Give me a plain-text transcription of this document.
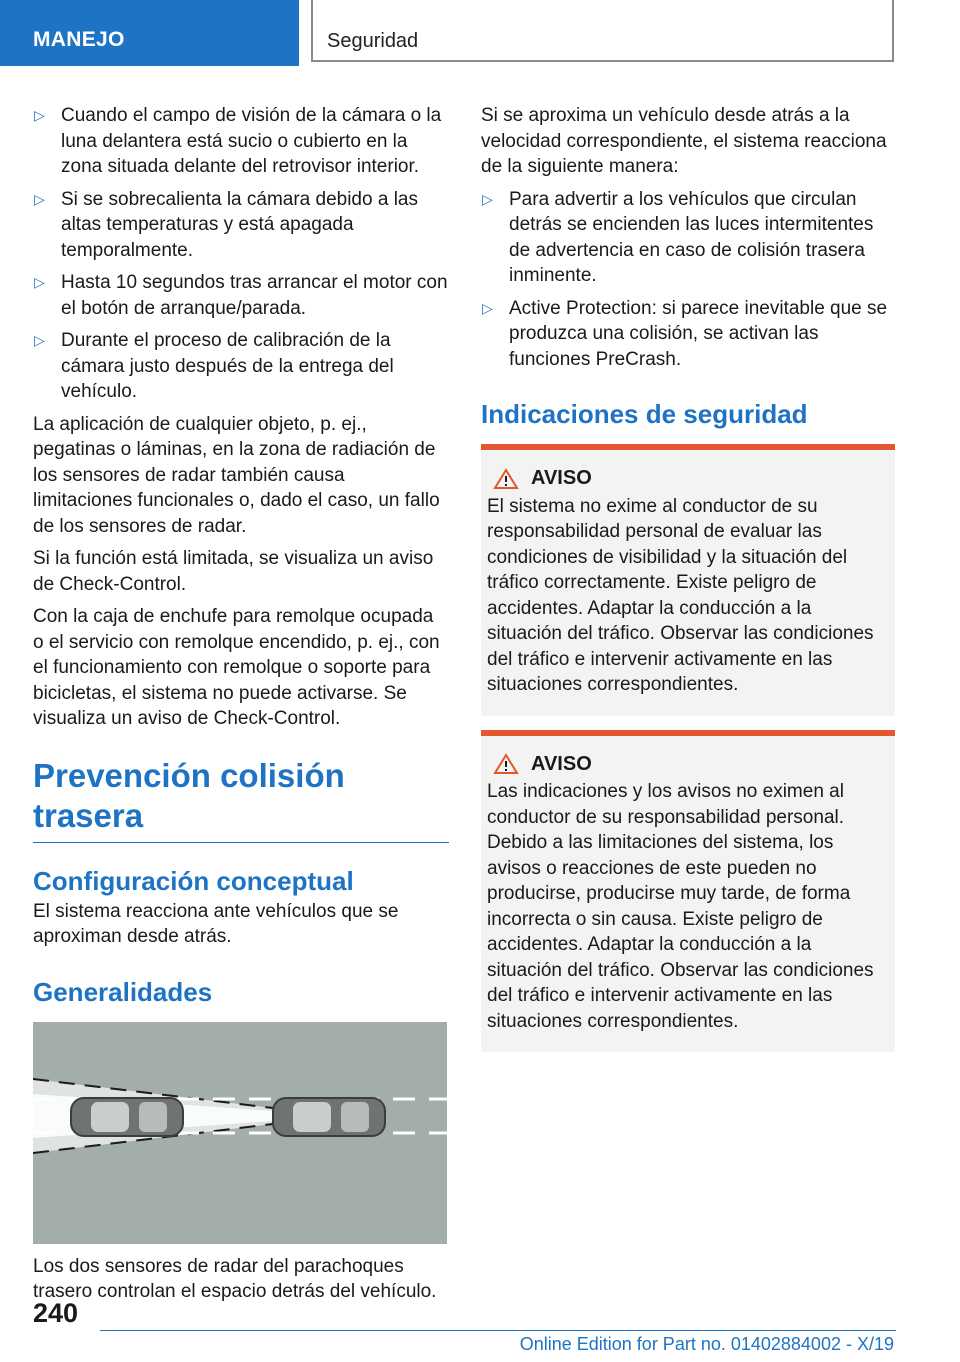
MANEJO	Seguridad
▷ Cuando el campo de visión de la cámara o la luna delantera está sucio o cubierto en la zona situada delante del retrovisor interior.
▷ Si se sobrecalienta la cámara debido a las altas temperaturas y está apagada temporalmente.
▷ Hasta 10 segundos tras arrancar el motor con el botón de arranque/parada.
▷ Durante el proceso de calibración de la cámara justo después de la entrega del vehículo.

La aplicación de cualquier objeto, p. ej., pegatinas o láminas, en la zona de radiación de los sensores de radar también causa limitaciones funcionales o, dado el caso, un fallo de los sensores de radar.

Si la función está limitada, se visualiza un aviso de Check-Control.

Con la caja de enchufe para remolque ocupada o el servicio con remolque encendido, p. ej., con el funcionamiento con remolque o soporte para bicicletas, el sistema no puede activarse. Se visualiza un aviso de Check-Control.

Prevención colisión trasera
Configuración conceptual

El sistema reacciona ante vehículos que se aproximan desde atrás.

Generalidades

Los dos sensores de radar del parachoques trasero controlan el espacio detrás del vehículo.

Si se aproxima un vehículo desde atrás a la velocidad correspondiente, el sistema reacciona de la siguiente manera:

▷ Para advertir a los vehículos que circulan detrás se encienden las luces intermitentes de advertencia en caso de colisión trasera inminente.
▷ Active Protection: si parece inevitable que se produzca una colisión, se activan las funciones PreCrash.
Indicaciones de seguridad
AVISO

El sistema no exime al conductor de su responsabilidad personal de evaluar las condiciones de visibilidad y la situación del tráfico correctamente. Existe peligro de accidentes. Adaptar la conducción a la situación del tráfico. Observar las condiciones del tráfico e intervenir activamente en las situaciones correspondientes.

AVISO

Las indicaciones y los avisos no eximen al conductor de su responsabilidad personal. Debido a las limitaciones del sistema, los avisos o reacciones de este pueden no producirse, producirse muy tarde, de forma incorrecta o sin causa. Existe peligro de accidentes. Adaptar la conducción a la situación del tráfico. Observar las condiciones del tráfico e intervenir activamente en las situaciones correspondientes.

240
Online Edition for Part no. 01402884002 - X/19
